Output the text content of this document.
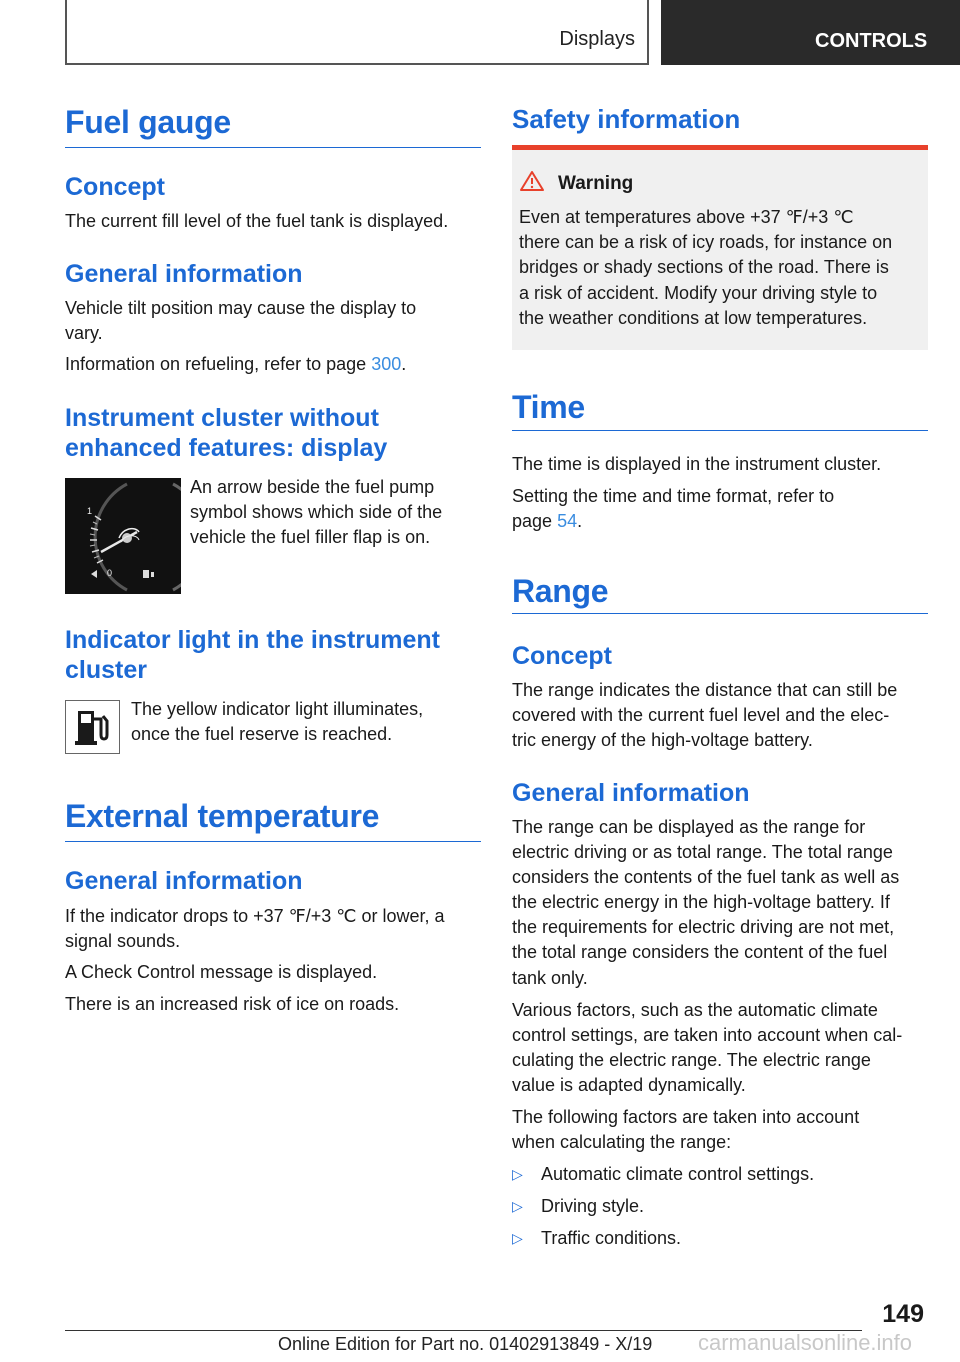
Displays	CONTROLS
Fuel gauge
Concept
The current fill level of the fuel tank is displayed.
General information
Vehicle tilt position may cause the display to
vary.
Information on refueling, refer to page 300.
Instrument cluster without
enhanced features: display
1
0
An arrow beside the fuel pump
symbol shows which side of the
vehicle the fuel filler flap is on.
Indicator light in the instrument
cluster
The yellow indicator light illuminates,
once the fuel reserve is reached.
External temperature
General information
If the indicator drops to +37 ℉/+3 ℃ or lower, a
signal sounds.
A Check Control message is displayed.
There is an increased risk of ice on roads.
Safety information
Warning
Even at temperatures above +37 ℉/+3 ℃
there can be a risk of icy roads, for instance on
bridges or shady sections of the road. There is
a risk of accident. Modify your driving style to
the weather conditions at low temperatures.
Time
The time is displayed in the instrument cluster.
Setting the time and time format, refer to
page 54.
Range
Concept
The range indicates the distance that can still be
covered with the current fuel level and the elec‐
tric energy of the high-voltage battery.
General information
The range can be displayed as the range for
electric driving or as total range. The total range
considers the contents of the fuel tank as well as
the electric energy in the high-voltage battery. If
the requirements for electric driving are not met,
the total range considers the content of the fuel
tank only.
Various factors, such as the automatic climate
control settings, are taken into account when cal‐
culating the electric range. The electric range
value is adapted dynamically.
The following factors are taken into account
when calculating the range:
▷ Automatic climate control settings.
▷ Driving style.
▷ Traffic conditions.
149
Online Edition for Part no. 01402913849 - X/19 carmanualsonline.info
